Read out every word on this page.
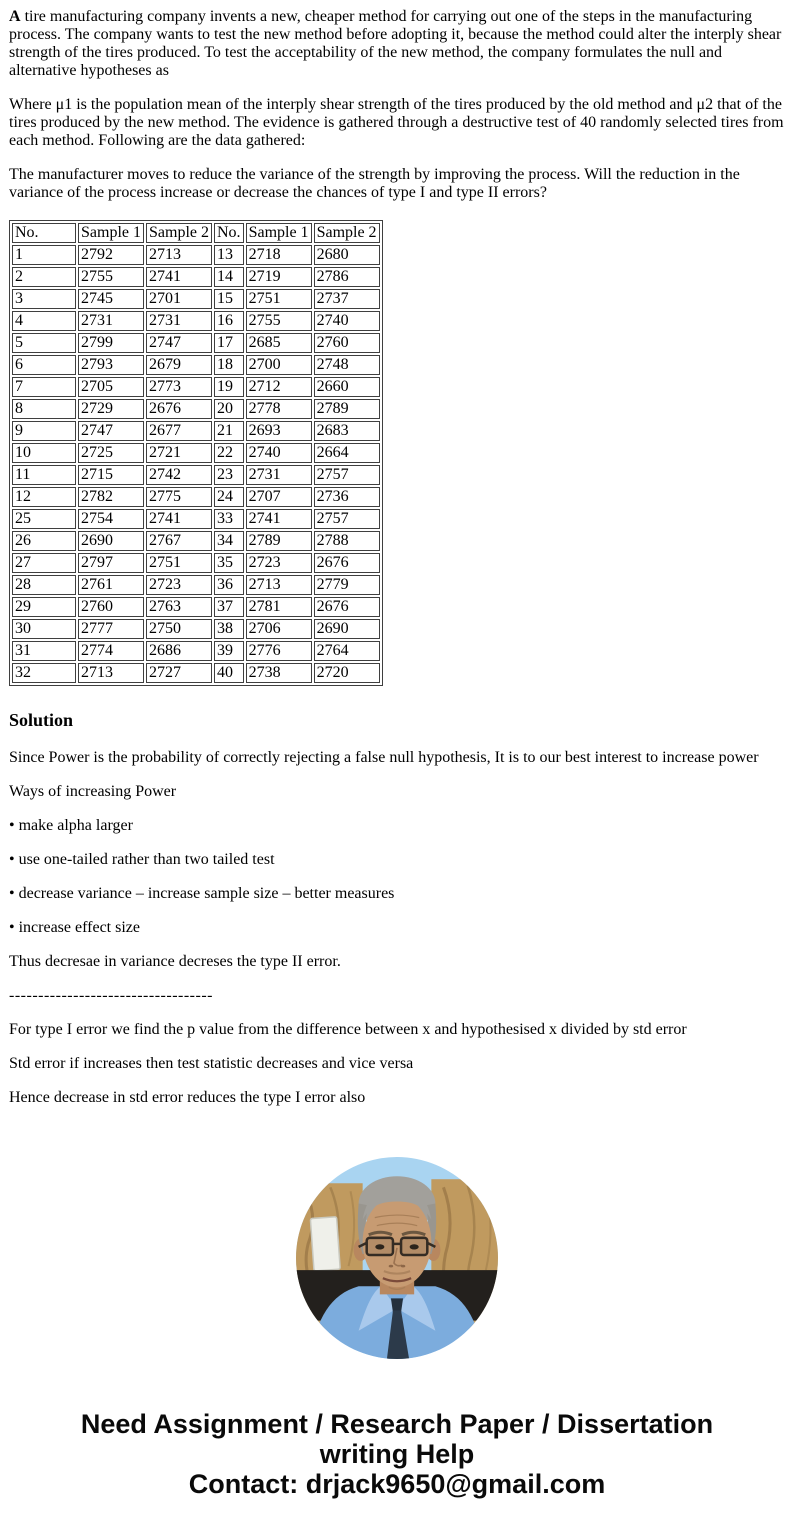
A tire manufacturing company invents a new, cheaper method for carrying out one of the steps in the manufacturing process. The company wants to test the new method before adopting it, because the method could alter the interply shear strength of the tires produced. To test the acceptability of the new method, the company formulates the null and alternative hypotheses as

Where μ1 is the population mean of the interply shear strength of the tires produced by the old method and μ2 that of the tires produced by the new method. The evidence is gathered through a destructive test of 40 randomly selected tires from each method. Following are the data gathered:

The manufacturer moves to reduce the variance of the strength by improving the process. Will the reduction in the variance of the process increase or decrease the chances of type I and type II errors?

No.	Sample 1	Sample 2	No.	Sample 1	Sample 2
1	2792	2713	13	2718	2680
2	2755	2741	14	2719	2786
3	2745	2701	15	2751	2737
4	2731	2731	16	2755	2740
5	2799	2747	17	2685	2760
6	2793	2679	18	2700	2748
7	2705	2773	19	2712	2660
8	2729	2676	20	2778	2789
9	2747	2677	21	2693	2683
10	2725	2721	22	2740	2664
11	2715	2742	23	2731	2757
12	2782	2775	24	2707	2736
25	2754	2741	33	2741	2757
26	2690	2767	34	2789	2788
27	2797	2751	35	2723	2676
28	2761	2723	36	2713	2779
29	2760	2763	37	2781	2676
30	2777	2750	38	2706	2690
31	2774	2686	39	2776	2764
32	2713	2727	40	2738	2720
Solution

Since Power is the probability of correctly rejecting a false null hypothesis, It is to our best interest to increase power

Ways of increasing Power

• make alpha larger

• use one-tailed rather than two tailed test

• decrease variance – increase sample size – better measures

• increase effect size

Thus decresae in variance decreses the type II error.

-----------------------------------

For type I error we find the p value from the difference between x and hypothesised x divided by std error

Std error if increases then test statistic decreases and vice versa

Hence decrease in std error reduces the type I error also

Need Assignment / Research Paper / Dissertation
writing Help
Contact: drjack9650@gmail.com
